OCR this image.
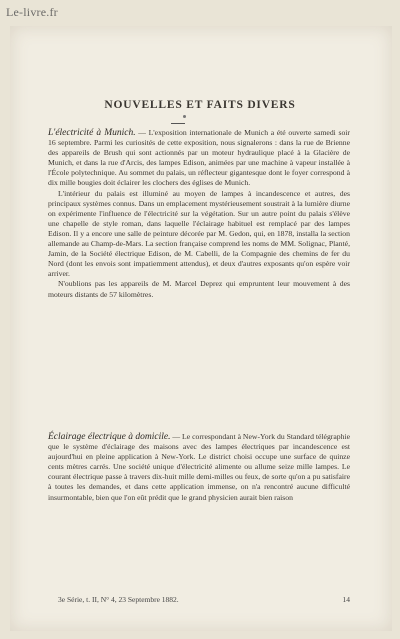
Le-livre.fr
NOUVELLES ET FAITS DIVERS

L'électricité à Munich. — L'exposition internationale de Munich a été ouverte samedi soir 16 septembre. Parmi les curiosités de cette exposition, nous signalerons : dans la rue de Brienne des appareils de Brush qui sont actionnés par un moteur hydraulique placé à la Glacière de Munich, et dans la rue d'Arcis, des lampes Edison, animées par une machine à vapeur installée à l'École polytechnique. Au sommet du palais, un réflecteur gigantesque dont le foyer correspond à dix mille bougies doit éclairer les clochers des églises de Munich.

L'intérieur du palais est illuminé au moyen de lampes à incandescence et autres, des principaux systèmes connus. Dans un emplacement mystérieusement soustrait à la lumière diurne on expérimente l'influence de l'électricité sur la végétation. Sur un autre point du palais s'élève une chapelle de style roman, dans laquelle l'éclairage habituel est remplacé par des lampes Edison. Il y a encore une salle de peinture décorée par M. Gedon, qui, en 1878, installa la section allemande au Champ-de-Mars. La section française comprend les noms de MM. Solignac, Planté, Jamin, de la Société électrique Edison, de M. Cabelli, de la Compagnie des chemins de fer du Nord (dont les envois sont impatiemment attendus), et deux d'autres exposants qu'on espère voir arriver.

N'oublions pas les appareils de M. Marcel Deprez qui empruntent leur mouvement à des moteurs distants de 57 kilomètres.

Éclairage électrique à domicile. — Le correspondant à New-York du Standard télégraphie que le système d'éclairage des maisons avec des lampes électriques par incandescence est aujourd'hui en pleine application à New-York. Le district choisi occupe une surface de quinze cents mètres carrés. Une société unique d'électricité alimente ou allume seize mille lampes. Le courant électrique passe à travers dix-huit mille demi-milles ou feux, de sorte qu'on a pu satisfaire à toutes les demandes, et dans cette application immense, on n'a rencontré aucune difficulté insurmontable, bien que l'on eût prédit que le grand physicien aurait bien raison

3e Série, t. II, N° 4, 23 Septembre 1882.	14
